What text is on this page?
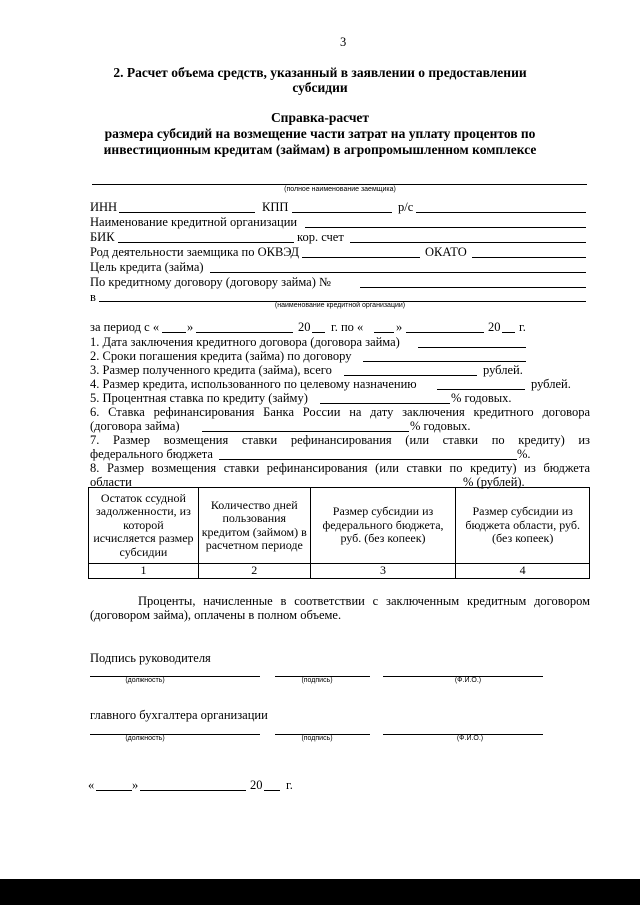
3
2. Расчет объема средств, указанный в заявлении о предоставлении
субсидии
Справка-расчет
размера субсидий на возмещение части затрат на уплату процентов по
инвестиционным кредитам (займам) в агропромышленном комплексе
(полное наименование заемщика)
ИНН	КПП	р/с
Наименование кредитной организации
БИК	кор. счет
Род деятельности заемщика по ОКВЭД	ОКАТО
Цель кредита (займа)
По кредитному договору (договору займа) №
в
(наименование кредитной организации)
за период с « »	20 г. по «	»	20 г.
1. Дата заключения кредитного договора (договора займа)
2. Сроки погашения кредита (займа) по договору
3. Размер полученного кредита (займа), всего	рублей.
4. Размер кредита, использованного по целевому назначению	рублей.
5. Процентная ставка по кредиту (займу)	% годовых.
6. Ставка рефинансирования Банка России на дату заключения кредитного договора
(договора займа)	% годовых.
7. Размер возмещения ставки рефинансирования (или ставки по кредиту) из
федерального бюджета	%.
8. Размер возмещения ставки рефинансирования (или ставки по кредиту) из бюджета
области	% (рублей).
Остаток ссудной задолженности, из которой исчисляется размер субсидии	Количество дней пользования кредитом (займом) в расчетном периоде	Размер субсидии из федерального бюджета, руб. (без копеек)	Размер субсидии из бюджета области, руб. (без копеек)
1	2	3	4
Проценты, начисленные в соответствии с заключенным кредитным договором
(договором займа), оплачены в полном объеме.
Подпись руководителя
(должность)	(подпись)	(Ф.И.О.)
главного бухгалтера организации
(должность)	(подпись)	(Ф.И.О.)
«	»	20 г.
